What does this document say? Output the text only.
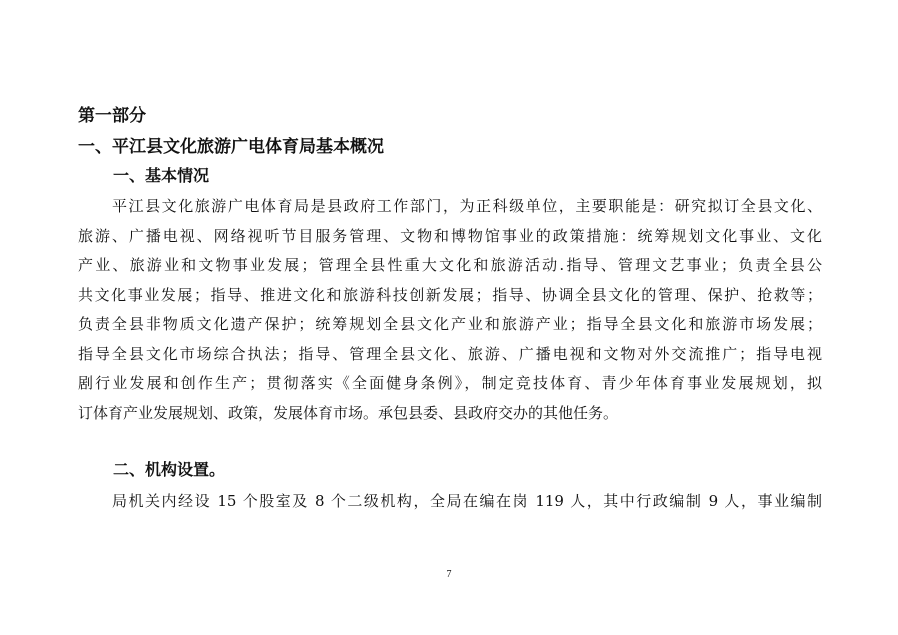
第一部分
一、平江县文化旅游广电体育局基本概况
一、基本情况
平江县文化旅游广电体育局是县政府工作部门，为正科级单位，主要职能是：研究拟订全县文化、
旅游、广播电视、网络视听节目服务管理、文物和博物馆事业的政策措施：统筹规划文化事业、文化
产业、旅游业和文物事业发展；管理全县性重大文化和旅游活动.指导、管理文艺事业；负责全县公
共文化事业发展；指导、推进文化和旅游科技创新发展；指导、协调全县文化的管理、保护、抢救等；
负责全县非物质文化遗产保护；统筹规划全县文化产业和旅游产业；指导全县文化和旅游市场发展；
指导全县文化市场综合执法；指导、管理全县文化、旅游、广播电视和文物对外交流推广；指导电视
剧行业发展和创作生产；贯彻落实《全面健身条例》，制定竞技体育、青少年体育事业发展规划，拟
订体育产业发展规划、政策，发展体育市场。承包县委、县政府交办的其他任务。
二、机构设置。
局机关内经设 15 个股室及 8 个二级机构，全局在编在岗 119 人，其中行政编制 9 人，事业编制
7
